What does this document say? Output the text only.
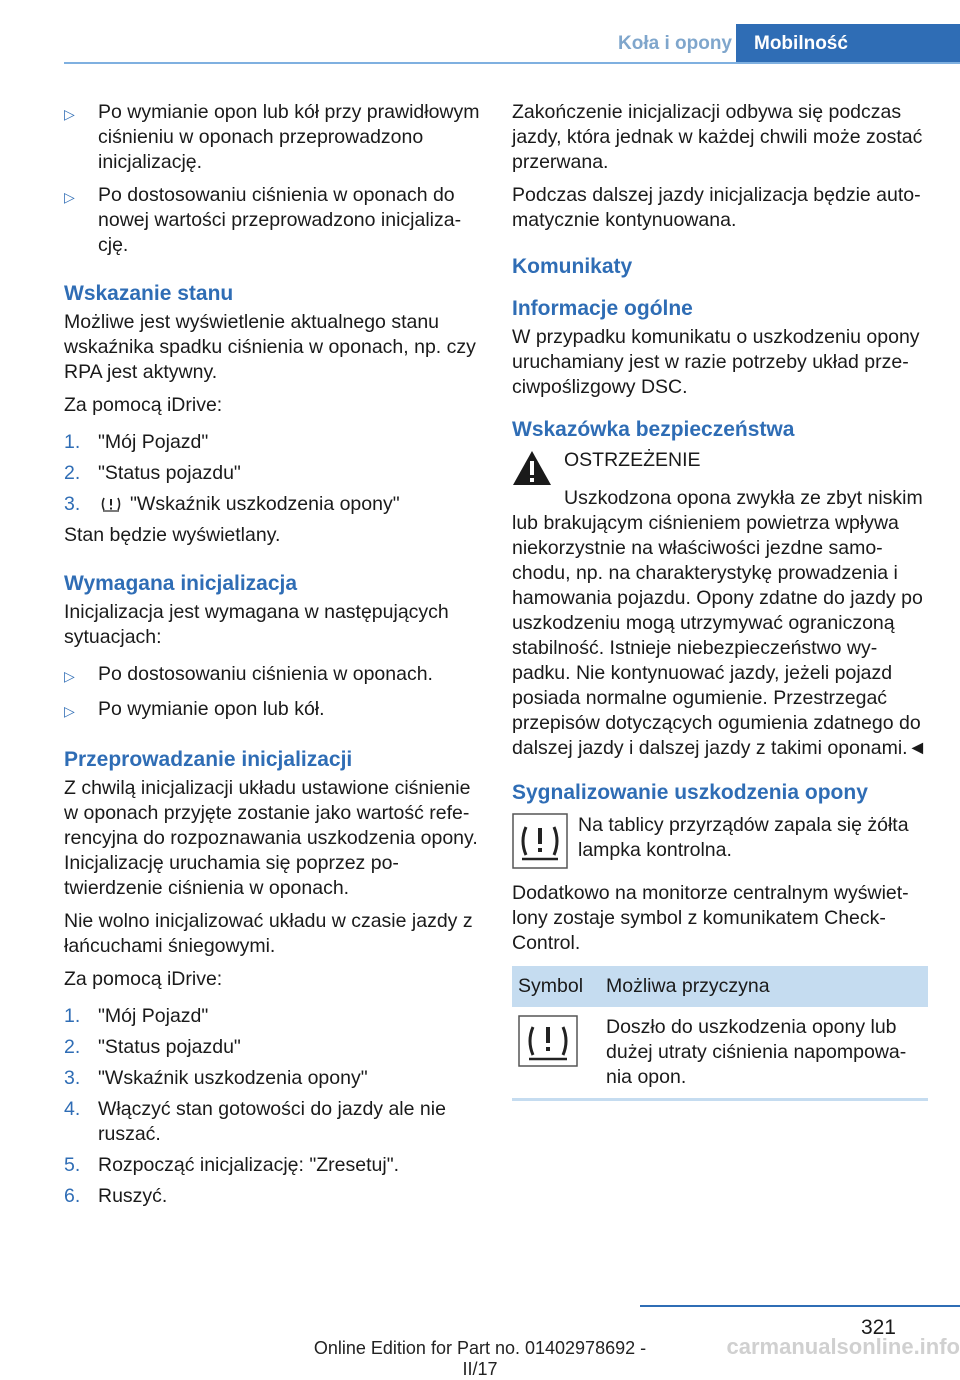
Koła i opony	Mobilność
▷	Po wymianie opon lub kół przy prawidłowym ciśnieniu w oponach przeprowadzono inicjalizację.
▷	Po dostosowaniu ciśnienia w oponach do nowej wartości przeprowadzono inicjalizację.
Wskazanie stanu

Możliwe jest wyświetlenie aktualnego stanu wskaźnika spadku ciśnienia w oponach, np. czy RPA jest aktywny.

Za pomocą iDrive:

1. "Mój Pojazd"
2. "Status pojazdu"
3.	"Wskaźnik uszkodzenia opony"

Stan będzie wyświetlany.

Wymagana inicjalizacja

Inicjalizacja jest wymagana w następujących sytuacjach:

▷	Po dostosowaniu ciśnienia w oponach.
▷	Po wymianie opon lub kół.
Przeprowadzanie inicjalizacji

Z chwilą inicjalizacji układu ustawione ciśnienie w oponach przyjęte zostanie jako wartość referencyjna do rozpoznawania uszkodzenia opony. Inicjalizację uruchamia się poprzez potwierdzenie ciśnienia w oponach.

Nie wolno inicjalizować układu w czasie jazdy z łańcuchami śniegowymi.

Za pomocą iDrive:

1. "Mój Pojazd"
2. "Status pojazdu"
3. "Wskaźnik uszkodzenia opony"
4. Włączyć stan gotowości do jazdy ale nie ruszać.
5. Rozpocząć inicjalizację: "Zresetuj".
6. Ruszyć.

Zakończenie inicjalizacji odbywa się podczas jazdy, która jednak w każdej chwili może zostać przerwana.

Podczas dalszej jazdy inicjalizacja będzie automatycznie kontynuowana.

Komunikaty
Informacje ogólne

W przypadku komunikatu o uszkodzeniu opony uruchamiany jest w razie potrzeby układ przeciwpoślizgowy DSC.

Wskazówka bezpieczeństwa

OSTRZEŻENIE

Uszkodzona opona zwykła ze zbyt niskim lub brakującym ciśnieniem powietrza wpływa niekorzystnie na właściwości jezdne samochodu, np. na charakterystykę prowadzenia i hamowania pojazdu. Opony zdatne do jazdy po uszkodzeniu mogą utrzymywać ograniczoną stabilność. Istnieje niebezpieczeństwo wypadku. Nie kontynuować jazdy, jeżeli pojazd posiada normalne ogumienie. Przestrzegać przepisów dotyczących ogumienia zdatnego do dalszej jazdy i dalszej jazdy z takimi oponami.◄

Sygnalizowanie uszkodzenia opony

Na tablicy przyrządów zapala się żółta lampka kontrolna.

Dodatkowo na monitorze centralnym wyświetlony zostaje symbol z komunikatem Check-Control.

Symbol	Możliwa przyczyna
	Doszło do uszkodzenia opony lub dużej utraty ciśnienia napompowania opon.
321
Online Edition for Part no. 01402978692 - II/17
carmanualsonline.info
